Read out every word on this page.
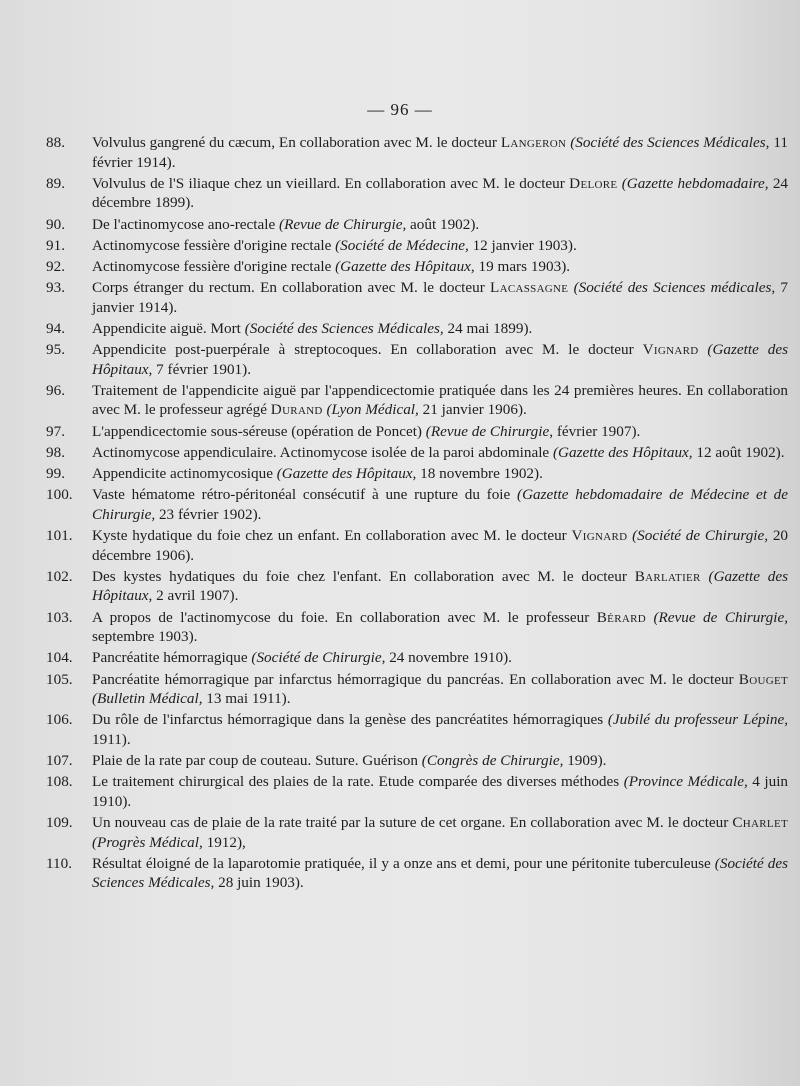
— 96 —
88.	Volvulus gangrené du cæcum, En collaboration avec M. le docteur Langeron (Société des Sciences Médicales, 11 février 1914).
89.	Volvulus de l'S iliaque chez un vieillard. En collaboration avec M. le docteur Delore (Gazette hebdomadaire, 24 décembre 1899).
90.	De l'actinomycose ano-rectale (Revue de Chirurgie, août 1902).
91.	Actinomycose fessière d'origine rectale (Société de Médecine, 12 janvier 1903).
92.	Actinomycose fessière d'origine rectale (Gazette des Hôpitaux, 19 mars 1903).
93.	Corps étranger du rectum. En collaboration avec M. le docteur Lacassagne (Société des Sciences médicales, 7 janvier 1914).
94.	Appendicite aiguë. Mort (Société des Sciences Médicales, 24 mai 1899).
95.	Appendicite post-puerpérale à streptocoques. En collaboration avec M. le docteur Vignard (Gazette des Hôpitaux, 7 février 1901).
96.	Traitement de l'appendicite aiguë par l'appendicectomie pratiquée dans les 24 premières heures. En collaboration avec M. le professeur agrégé Durand (Lyon Médical, 21 janvier 1906).
97.	L'appendicectomie sous-séreuse (opération de Poncet) (Revue de Chirurgie, février 1907).
98.	Actinomycose appendiculaire. Actinomycose isolée de la paroi abdominale (Gazette des Hôpitaux, 12 août 1902).
99.	Appendicite actinomycosique (Gazette des Hôpitaux, 18 novembre 1902).
100.	Vaste hématome rétro-péritonéal consécutif à une rupture du foie (Gazette hebdomadaire de Médecine et de Chirurgie, 23 février 1902).
101.	Kyste hydatique du foie chez un enfant. En collaboration avec M. le docteur Vignard (Société de Chirurgie, 20 décembre 1906).
102.	Des kystes hydatiques du foie chez l'enfant. En collaboration avec M. le docteur Barlatier (Gazette des Hôpitaux, 2 avril 1907).
103.	A propos de l'actinomycose du foie. En collaboration avec M. le professeur Bérard (Revue de Chirurgie, septembre 1903).
104.	Pancréatite hémorragique (Société de Chirurgie, 24 novembre 1910).
105.	Pancréatite hémorragique par infarctus hémorragique du pancréas. En collaboration avec M. le docteur Bouget (Bulletin Médical, 13 mai 1911).
106.	Du rôle de l'infarctus hémorragique dans la genèse des pancréatites hémorragiques (Jubilé du professeur Lépine, 1911).
107.	Plaie de la rate par coup de couteau. Suture. Guérison (Congrès de Chirurgie, 1909).
108.	Le traitement chirurgical des plaies de la rate. Etude comparée des diverses méthodes (Province Médicale, 4 juin 1910).
109.	Un nouveau cas de plaie de la rate traité par la suture de cet organe. En collaboration avec M. le docteur Charlet (Progrès Médical, 1912),
110.	Résultat éloigné de la laparotomie pratiquée, il y a onze ans et demi, pour une péritonite tuberculeuse (Société des Sciences Médicales, 28 juin 1903).
